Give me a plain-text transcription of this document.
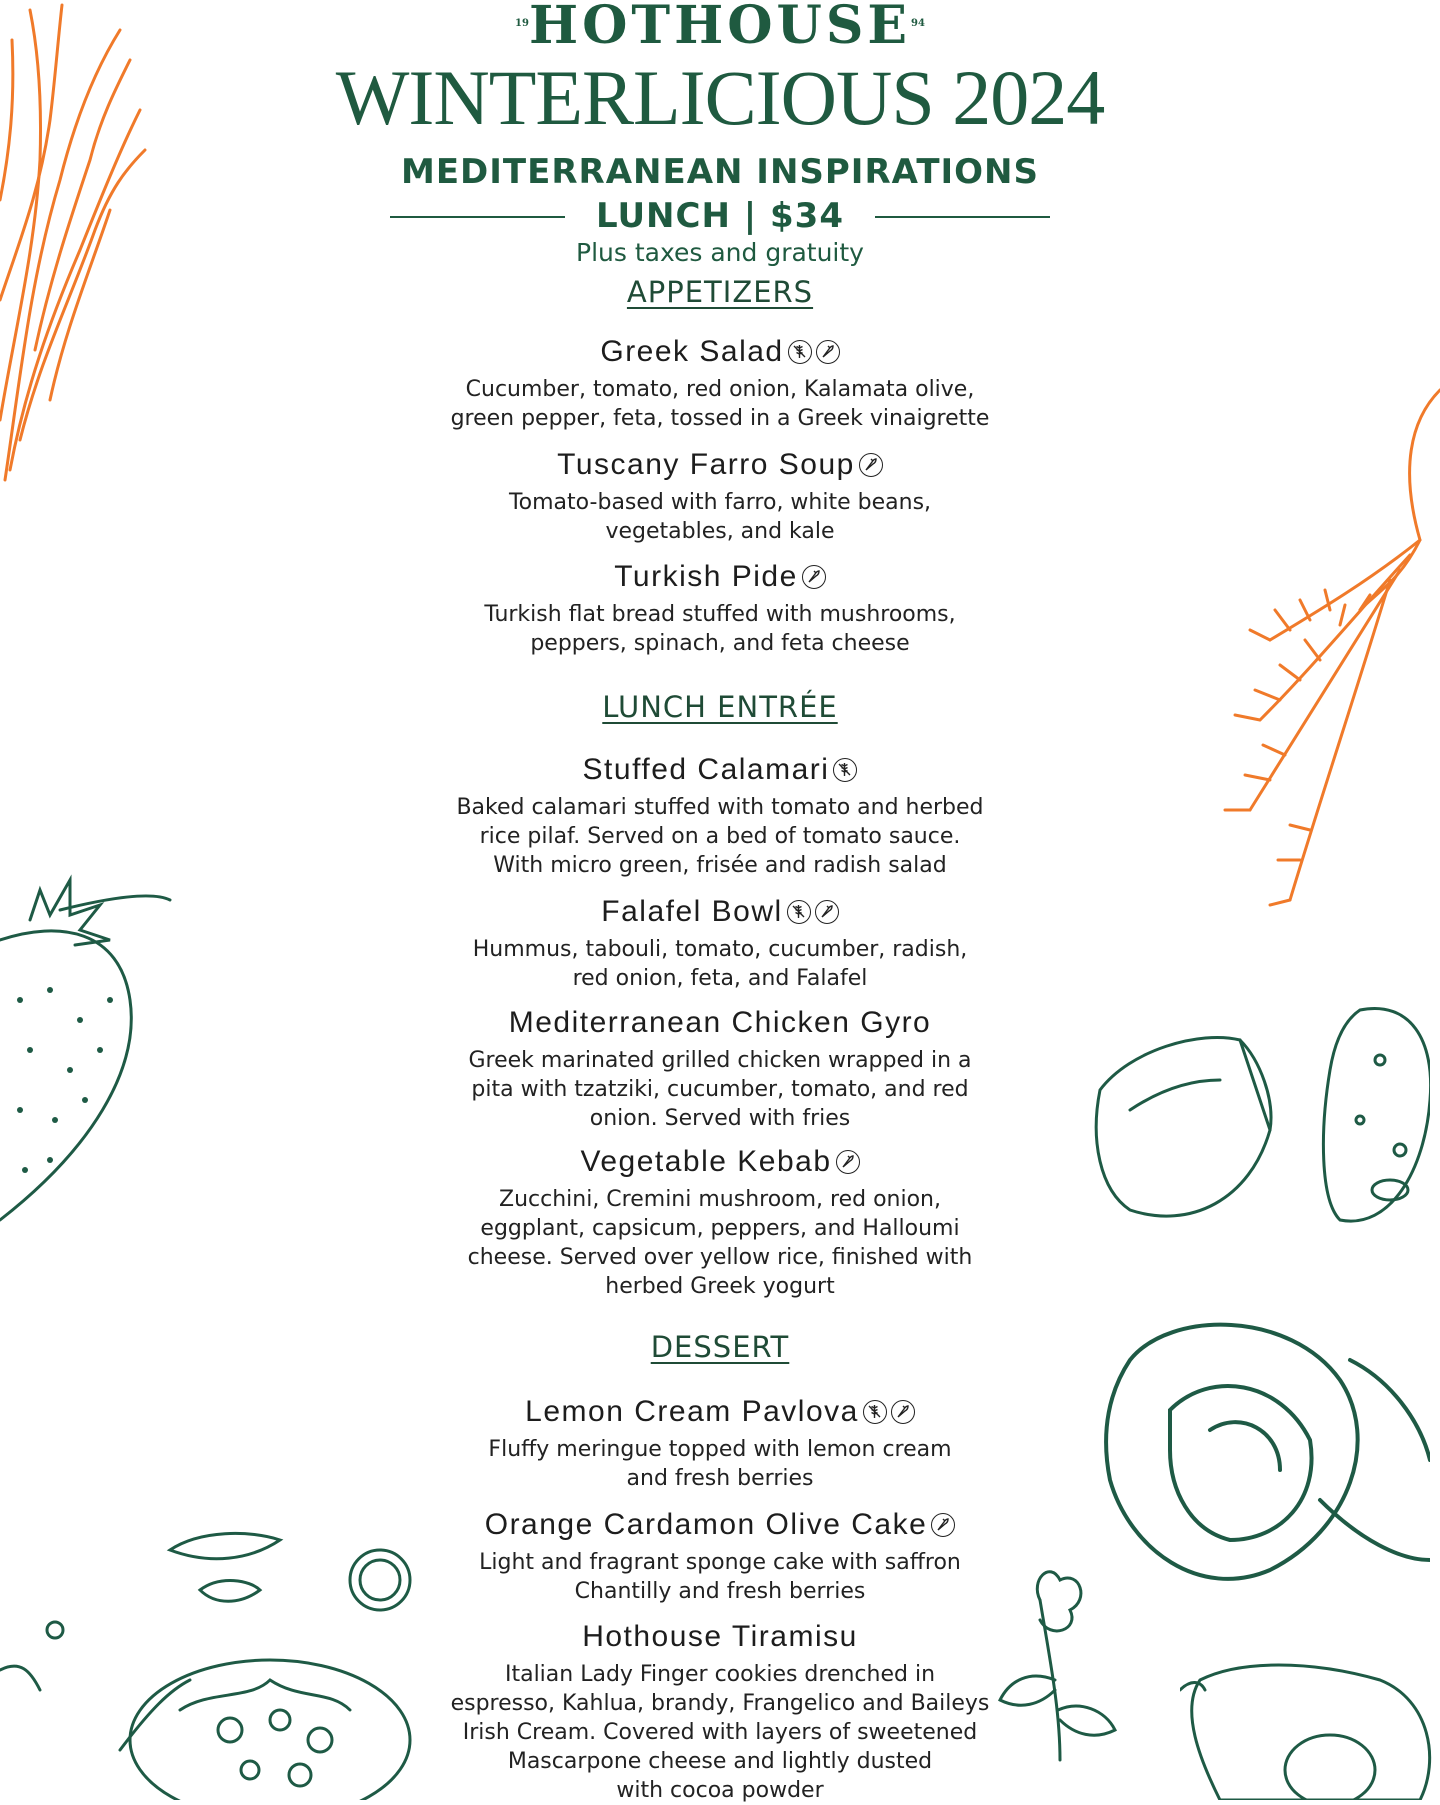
19HOTHOUSE94
WINTERLICIOUS 2024
MEDITERRANEAN INSPIRATIONS
LUNCH | $34
Plus taxes and gratuity
APPETIZERS
Greek Salad
Cucumber, tomato, red onion, Kalamata olive,
green pepper, feta, tossed in a Greek vinaigrette
Tuscany Farro Soup
Tomato-based with farro, white beans,
vegetables, and kale
Turkish Pide
Turkish flat bread stuffed with mushrooms,
peppers, spinach, and feta cheese
LUNCH ENTRÉE
Stuffed Calamari
Baked calamari stuffed with tomato and herbed
rice pilaf. Served on a bed of tomato sauce.
With micro green, frisée and radish salad
Falafel Bowl
Hummus, tabouli, tomato, cucumber, radish,
red onion, feta, and Falafel
Mediterranean Chicken Gyro
Greek marinated grilled chicken wrapped in a
pita with tzatziki, cucumber, tomato, and red
onion. Served with fries
Vegetable Kebab
Zucchini, Cremini mushroom, red onion,
eggplant, capsicum, peppers, and Halloumi
cheese. Served over yellow rice, finished with
herbed Greek yogurt
DESSERT
Lemon Cream Pavlova
Fluffy meringue topped with lemon cream
and fresh berries
Orange Cardamon Olive Cake
Light and fragrant sponge cake with saffron
Chantilly and fresh berries
Hothouse Tiramisu
Italian Lady Finger cookies drenched in
espresso, Kahlua, brandy, Frangelico and Baileys
Irish Cream. Covered with layers of sweetened
Mascarpone cheese and lightly dusted
with cocoa powder
